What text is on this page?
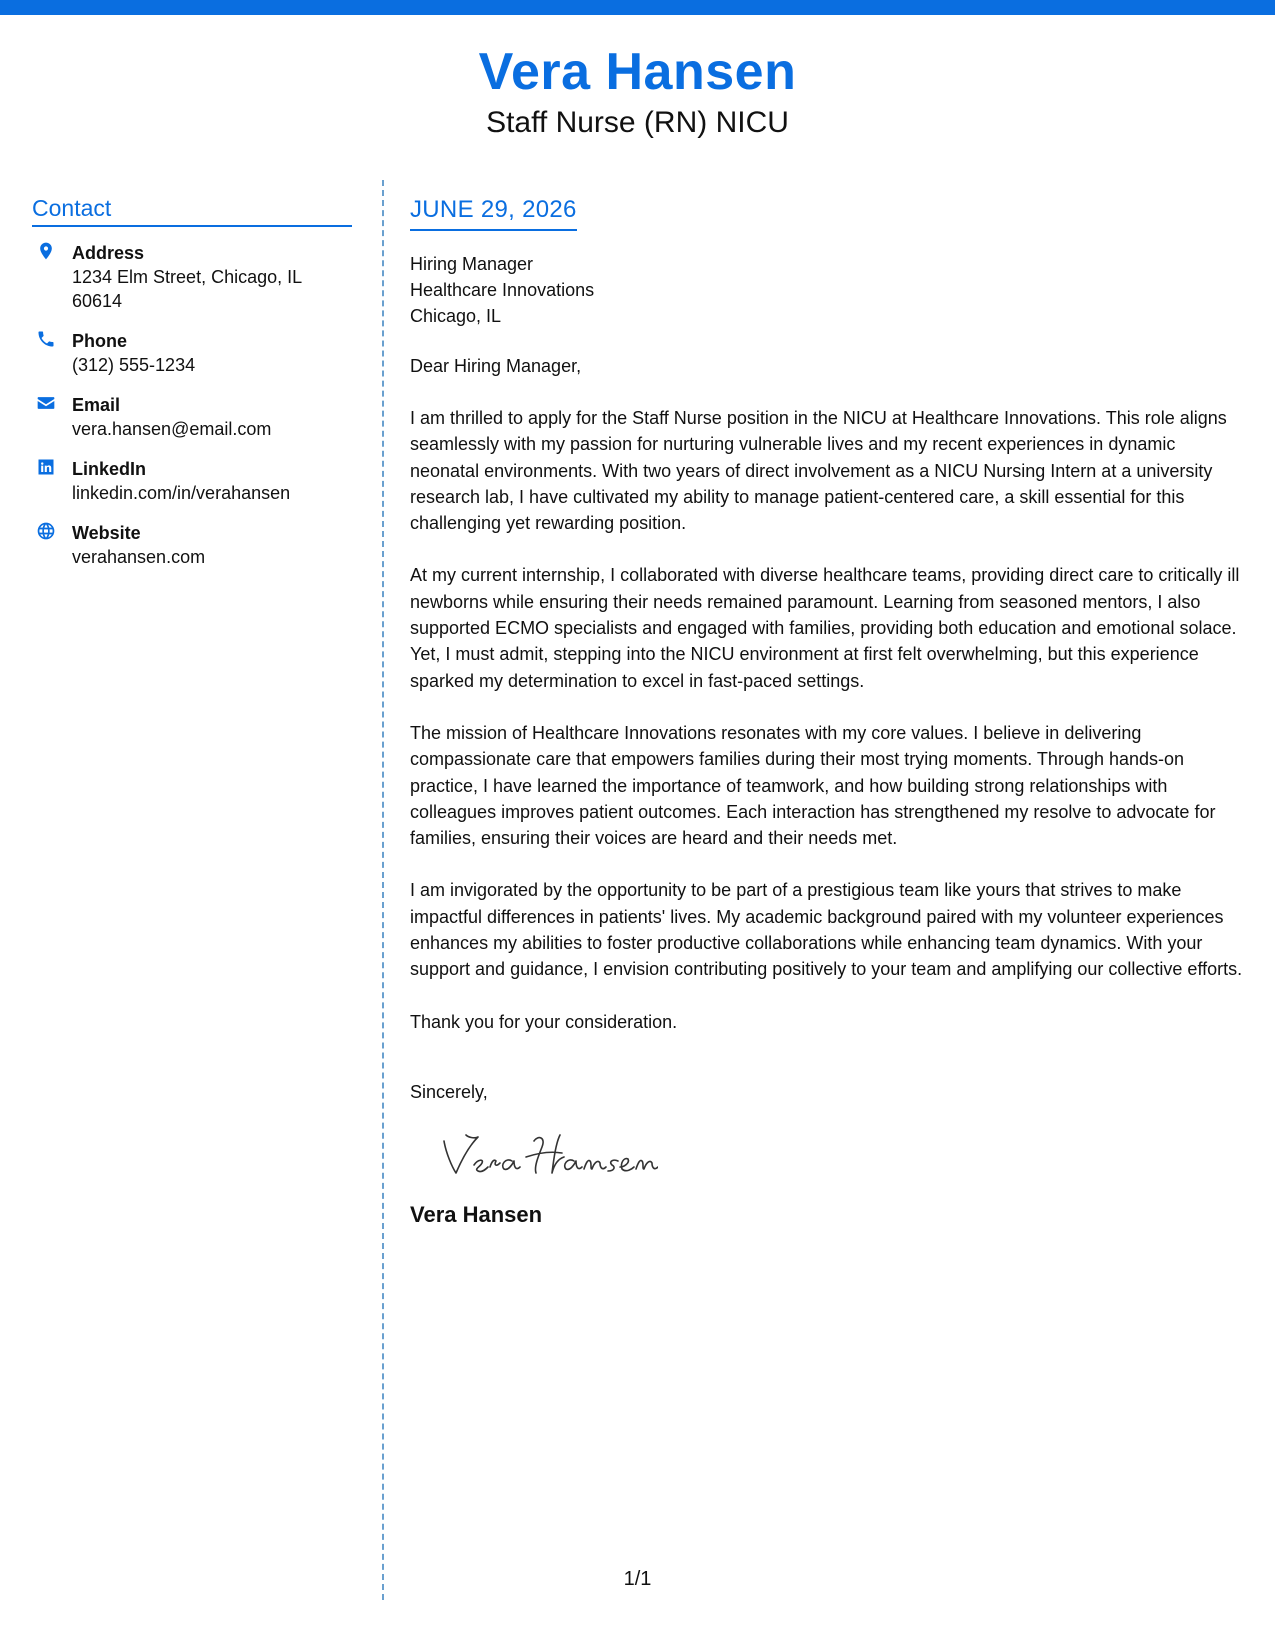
Vera Hansen
Staff Nurse (RN) NICU
Contact
Address
1234 Elm Street, Chicago, IL 60614
Phone
(312) 555-1234
Email
vera.hansen@email.com
LinkedIn
linkedin.com/in/verahansen
Website
verahansen.com
JUNE 29, 2026
Hiring Manager
Healthcare Innovations
Chicago, IL
Dear Hiring Manager,
I am thrilled to apply for the Staff Nurse position in the NICU at Healthcare Innovations. This role aligns seamlessly with my passion for nurturing vulnerable lives and my recent experiences in dynamic neonatal environments. With two years of direct involvement as a NICU Nursing Intern at a university research lab, I have cultivated my ability to manage patient-centered care, a skill essential for this challenging yet rewarding position.
At my current internship, I collaborated with diverse healthcare teams, providing direct care to critically ill newborns while ensuring their needs remained paramount. Learning from seasoned mentors, I also supported ECMO specialists and engaged with families, providing both education and emotional solace. Yet, I must admit, stepping into the NICU environment at first felt overwhelming, but this experience sparked my determination to excel in fast-paced settings.
The mission of Healthcare Innovations resonates with my core values. I believe in delivering compassionate care that empowers families during their most trying moments. Through hands-on practice, I have learned the importance of teamwork, and how building strong relationships with colleagues improves patient outcomes. Each interaction has strengthened my resolve to advocate for families, ensuring their voices are heard and their needs met.
I am invigorated by the opportunity to be part of a prestigious team like yours that strives to make impactful differences in patients' lives. My academic background paired with my volunteer experiences enhances my abilities to foster productive collaborations while enhancing team dynamics. With your support and guidance, I envision contributing positively to your team and amplifying our collective efforts.
Thank you for your consideration.
Sincerely,
Vera Hansen
1/1
